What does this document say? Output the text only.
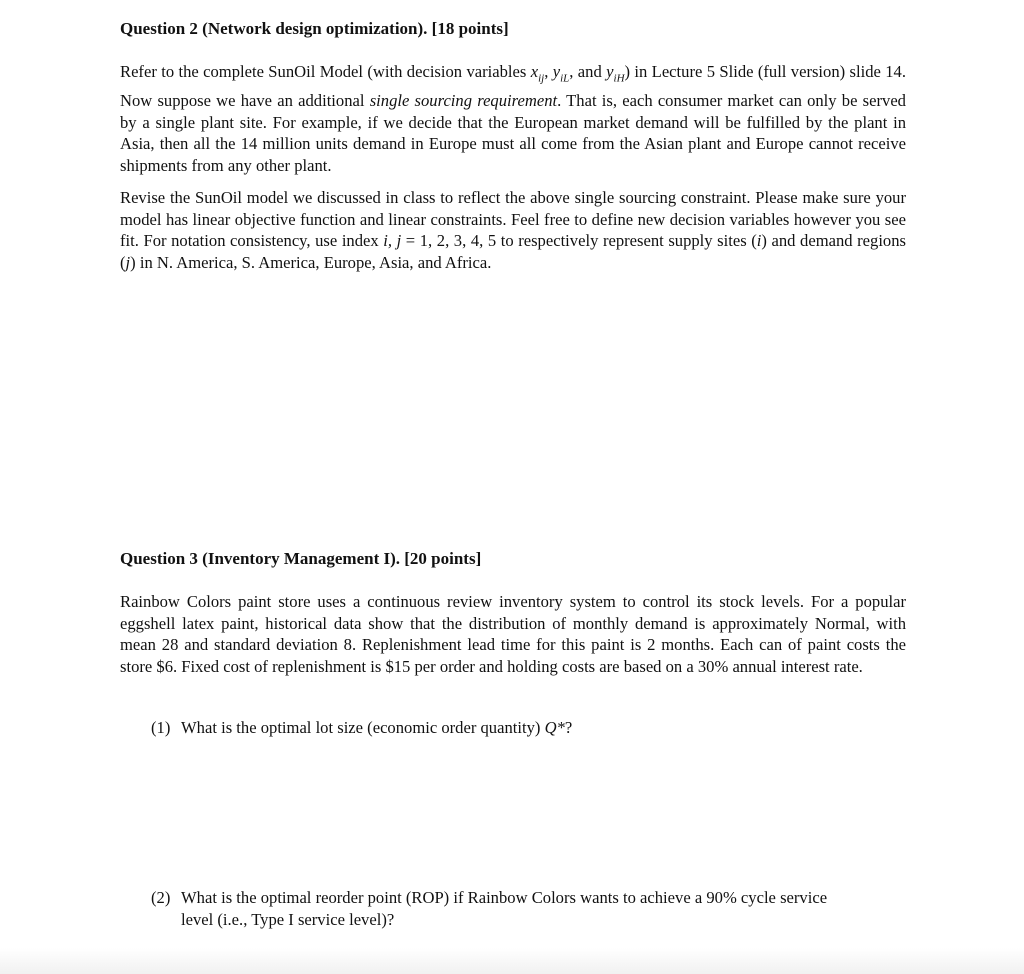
Question 2 (Network design optimization). [18 points]

Refer to the complete SunOil Model (with decision variables $x_{ij}$, $y_{iL}$, and $y_{iH}$) in Lecture 5 Slide (full version) slide 14. Now suppose we have an additional single sourcing requirement. That is, each consumer market can only be served by a single plant site. For example, if we decide that the European market demand will be fulfilled by the plant in Asia, then all the 14 million units demand in Europe must all come from the Asian plant and Europe cannot receive shipments from any other plant.

Revise the SunOil model we discussed in class to reflect the above single sourcing constraint. Please make sure your model has linear objective function and linear constraints. Feel free to define new decision variables however you see fit. For notation consistency, use index i, j = 1, 2, 3, 4, 5 to respectively represent supply sites (i) and demand regions (j) in N. America, S. America, Europe, Asia, and Africa.

Question 3 (Inventory Management I). [20 points]

Rainbow Colors paint store uses a continuous review inventory system to control its stock levels. For a popular eggshell latex paint, historical data show that the distribution of monthly demand is approximately Normal, with mean 28 and standard deviation 8. Replenishment lead time for this paint is 2 months. Each can of paint costs the store $6. Fixed cost of replenishment is $15 per order and holding costs are based on a 30% annual interest rate.

(1) What is the optimal lot size (economic order quantity) Q*?

(2) What is the optimal reorder point (ROP) if Rainbow Colors wants to achieve a 90% cycle service
level (i.e., Type I service level)?
